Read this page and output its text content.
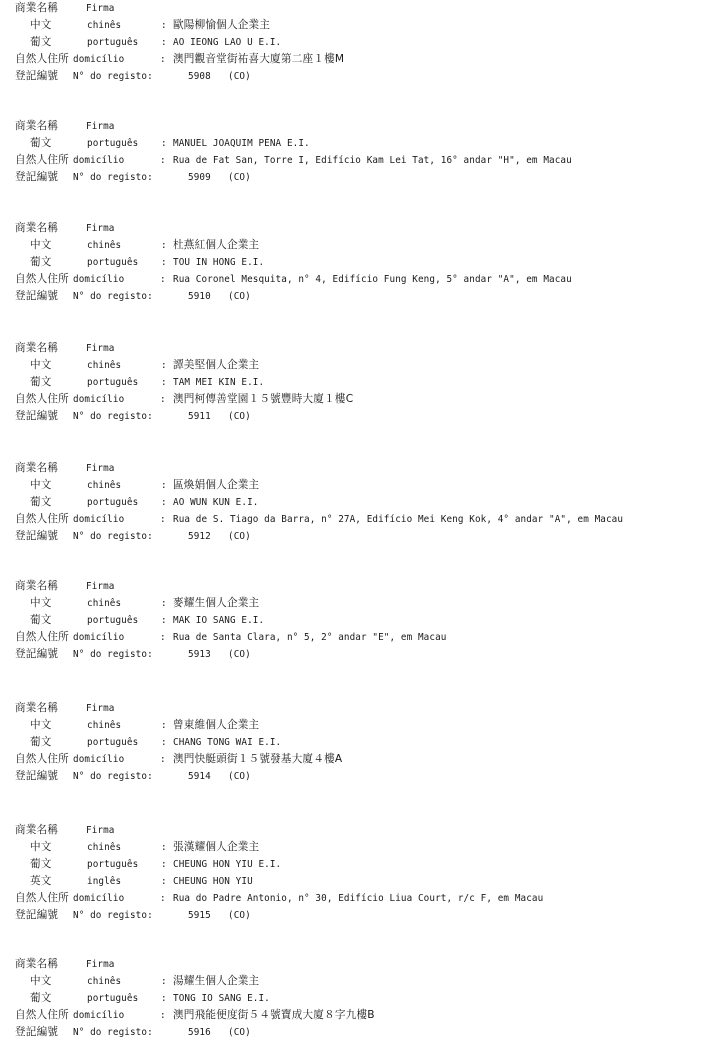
商業名稱	Firma
中文	chinês	: 歐陽柳愉個人企業主
葡文	português : AO IEONG LAO U E.I.
自然人住所 domicílio	: 澳門觀音堂街祐喜大廈第二座１樓M
登記編號 N° do registo:	5908 (CO)
商業名稱	Firma
葡文	português : MANUEL JOAQUIM PENA E.I.
自然人住所 domicílio	: Rua de Fat San, Torre I, Edifício Kam Lei Tat, 16° andar "H", em Macau
登記編號 N° do registo:	5909 (CO)
商業名稱	Firma
中文	chinês	: 杜燕紅個人企業主
葡文	português : TOU IN HONG E.I.
自然人住所 domicílio	: Rua Coronel Mesquita, n° 4, Edifício Fung Keng, 5° andar "A", em Macau
登記編號 N° do registo:	5910 (CO)
商業名稱	Firma
中文	chinês	: 譚美堅個人企業主
葡文	português : TAM MEI KIN E.I.
自然人住所 domicílio	: 澳門柯傳善堂園１５號豐時大廈１樓C
登記編號 N° do registo:	5911 (CO)
商業名稱	Firma
中文	chinês	: 區煥娟個人企業主
葡文	português : AO WUN KUN E.I.
自然人住所 domicílio	: Rua de S. Tiago da Barra, n° 27A, Edifício Mei Keng Kok, 4° andar "A", em Macau
登記編號 N° do registo:	5912 (CO)
商業名稱	Firma
中文	chinês	: 麥耀生個人企業主
葡文	português : MAK IO SANG E.I.
自然人住所 domicílio	: Rua de Santa Clara, n° 5, 2° andar "E", em Macau
登記編號 N° do registo:	5913 (CO)
商業名稱	Firma
中文	chinês	: 曾東維個人企業主
葡文	português : CHANG TONG WAI E.I.
自然人住所 domicílio	: 澳門快艇頭街１５號發基大廈４樓A
登記編號 N° do registo:	5914 (CO)
商業名稱	Firma
中文	chinês	: 張漢耀個人企業主
葡文	português : CHEUNG HON YIU E.I.
英文	inglês	: CHEUNG HON YIU
自然人住所 domicílio	: Rua do Padre Antonio, n° 30, Edifício Liua Court, r/c F, em Macau
登記編號 N° do registo:	5915 (CO)
商業名稱	Firma
中文	chinês	: 湯耀生個人企業主
葡文	português : TONG IO SANG E.I.
自然人住所 domicílio	: 澳門飛能便度街５４號寶成大廈８字九樓B
登記編號 N° do registo:	5916 (CO)
